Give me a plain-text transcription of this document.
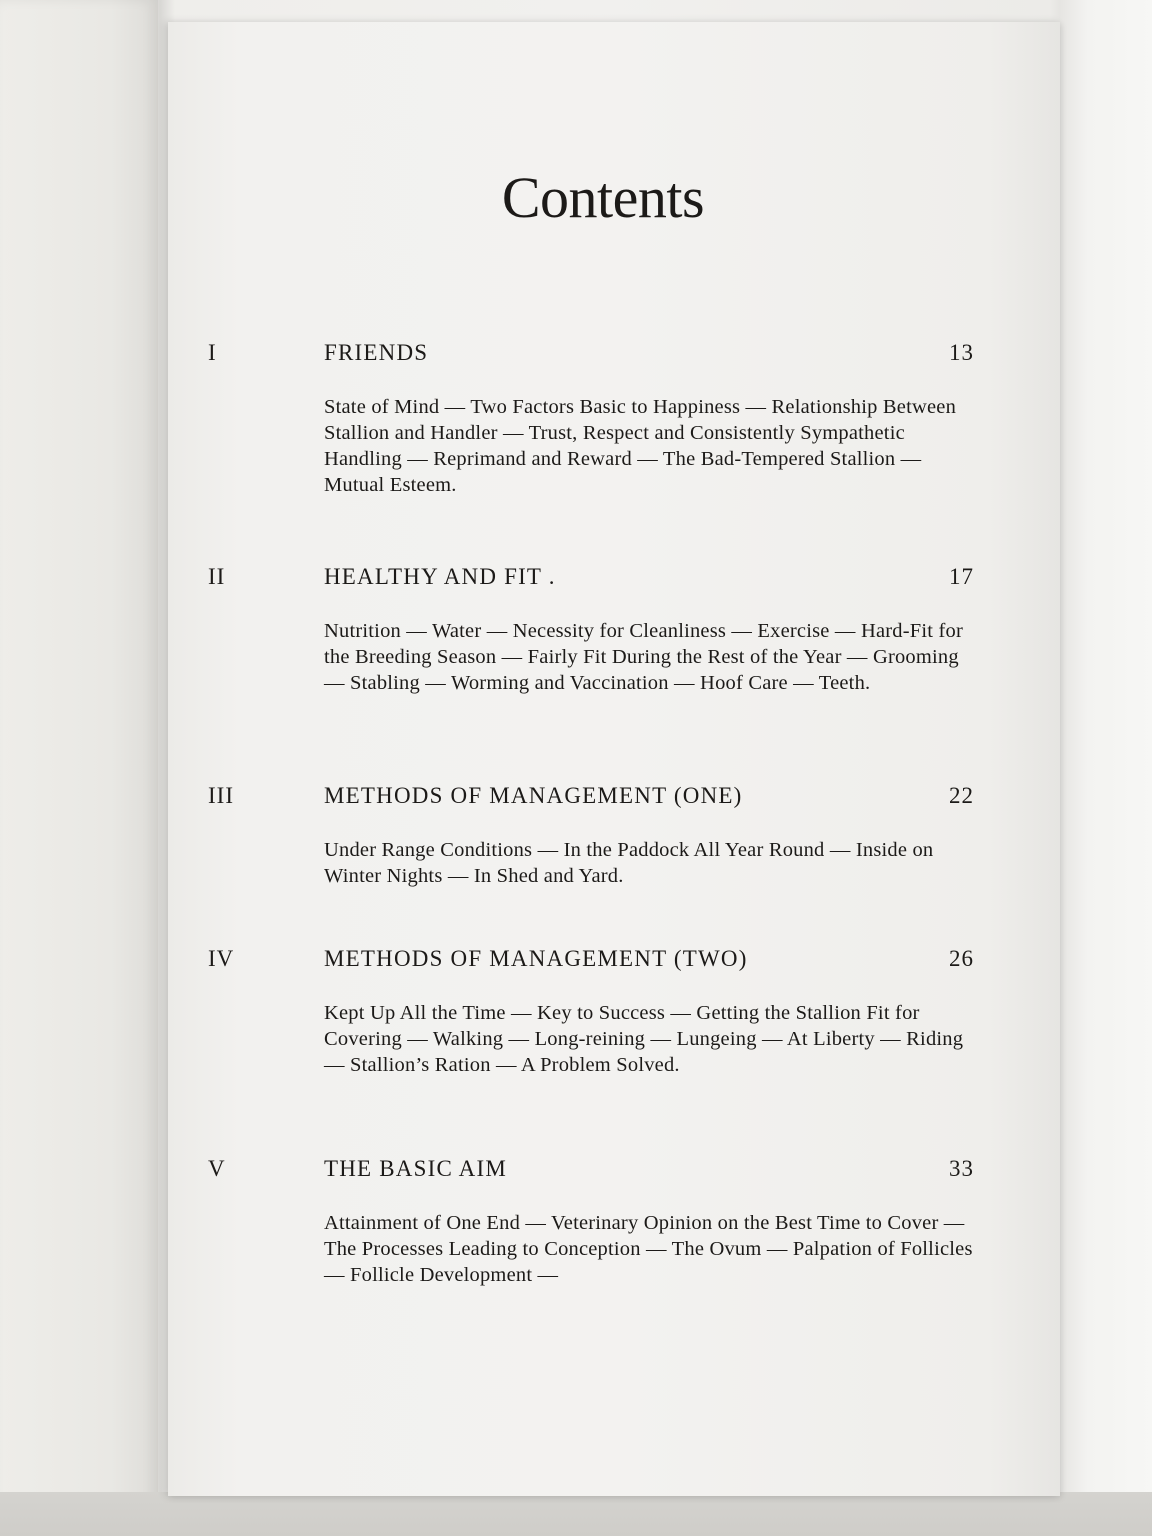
Contents
I	FRIENDS	13

State of Mind — Two Factors Basic to Happiness — Relationship Between Stallion and Handler — Trust, Respect and Consistently Sympathetic Handling — Reprimand and Reward — The Bad-Tempered Stallion — Mutual Esteem.

II	HEALTHY AND FIT .	17

Nutrition — Water — Necessity for Cleanliness — Exercise — Hard-Fit for the Breeding Season — Fairly Fit During the Rest of the Year — Grooming — Stabling — Worming and Vaccination — Hoof Care — Teeth.

III	METHODS OF MANAGEMENT (ONE)	22

Under Range Conditions — In the Paddock All Year Round — Inside on Winter Nights — In Shed and Yard.

IV	METHODS OF MANAGEMENT (TWO)	26

Kept Up All the Time — Key to Success — Getting the Stallion Fit for Covering — Walking — Long-reining — Lungeing — At Liberty — Riding — Stallion’s Ration — A Problem Solved.

V	THE BASIC AIM	33

Attainment of One End — Veterinary Opinion on the Best Time to Cover — The Processes Leading to Conception — The Ovum — Palpation of Follicles — Follicle Development —
